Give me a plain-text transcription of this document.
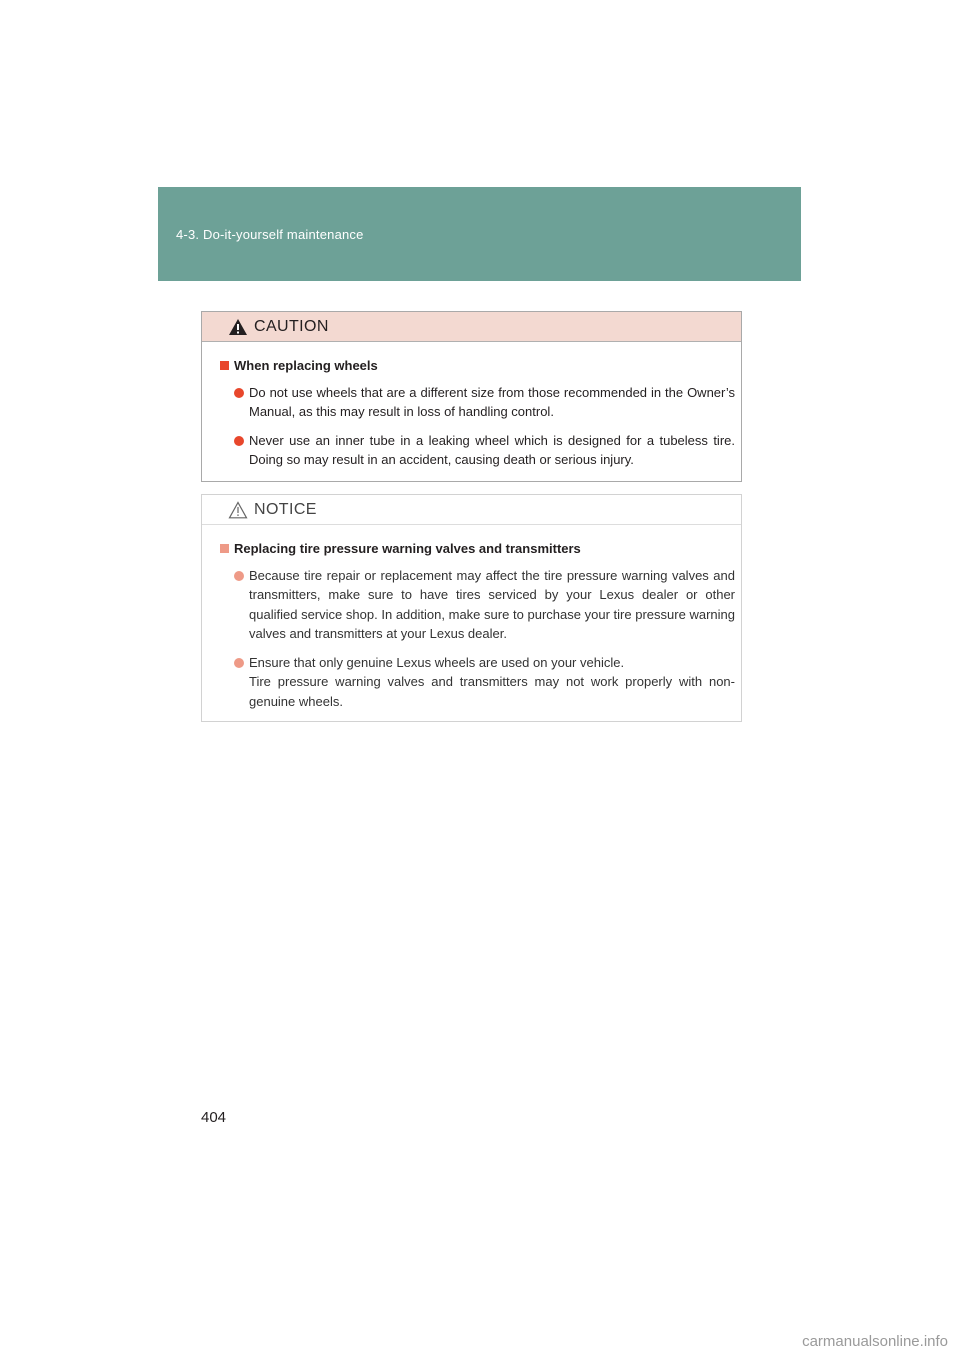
4-3. Do-it-yourself maintenance
CAUTION
When replacing wheels
Do not use wheels that are a different size from those recommended in the Owner’s Manual, as this may result in loss of handling control.
Never use an inner tube in a leaking wheel which is designed for a tubeless tire. Doing so may result in an accident, causing death or serious injury.
NOTICE
Replacing tire pressure warning valves and transmitters
Because tire repair or replacement may affect the tire pressure warning valves and transmitters, make sure to have tires serviced by your Lexus dealer or other qualified service shop. In addition, make sure to purchase your tire pressure warning valves and transmitters at your Lexus dealer.
Ensure that only genuine Lexus wheels are used on your vehicle.
Tire pressure warning valves and transmitters may not work properly with non-genuine wheels.
404
carmanualsonline.info
